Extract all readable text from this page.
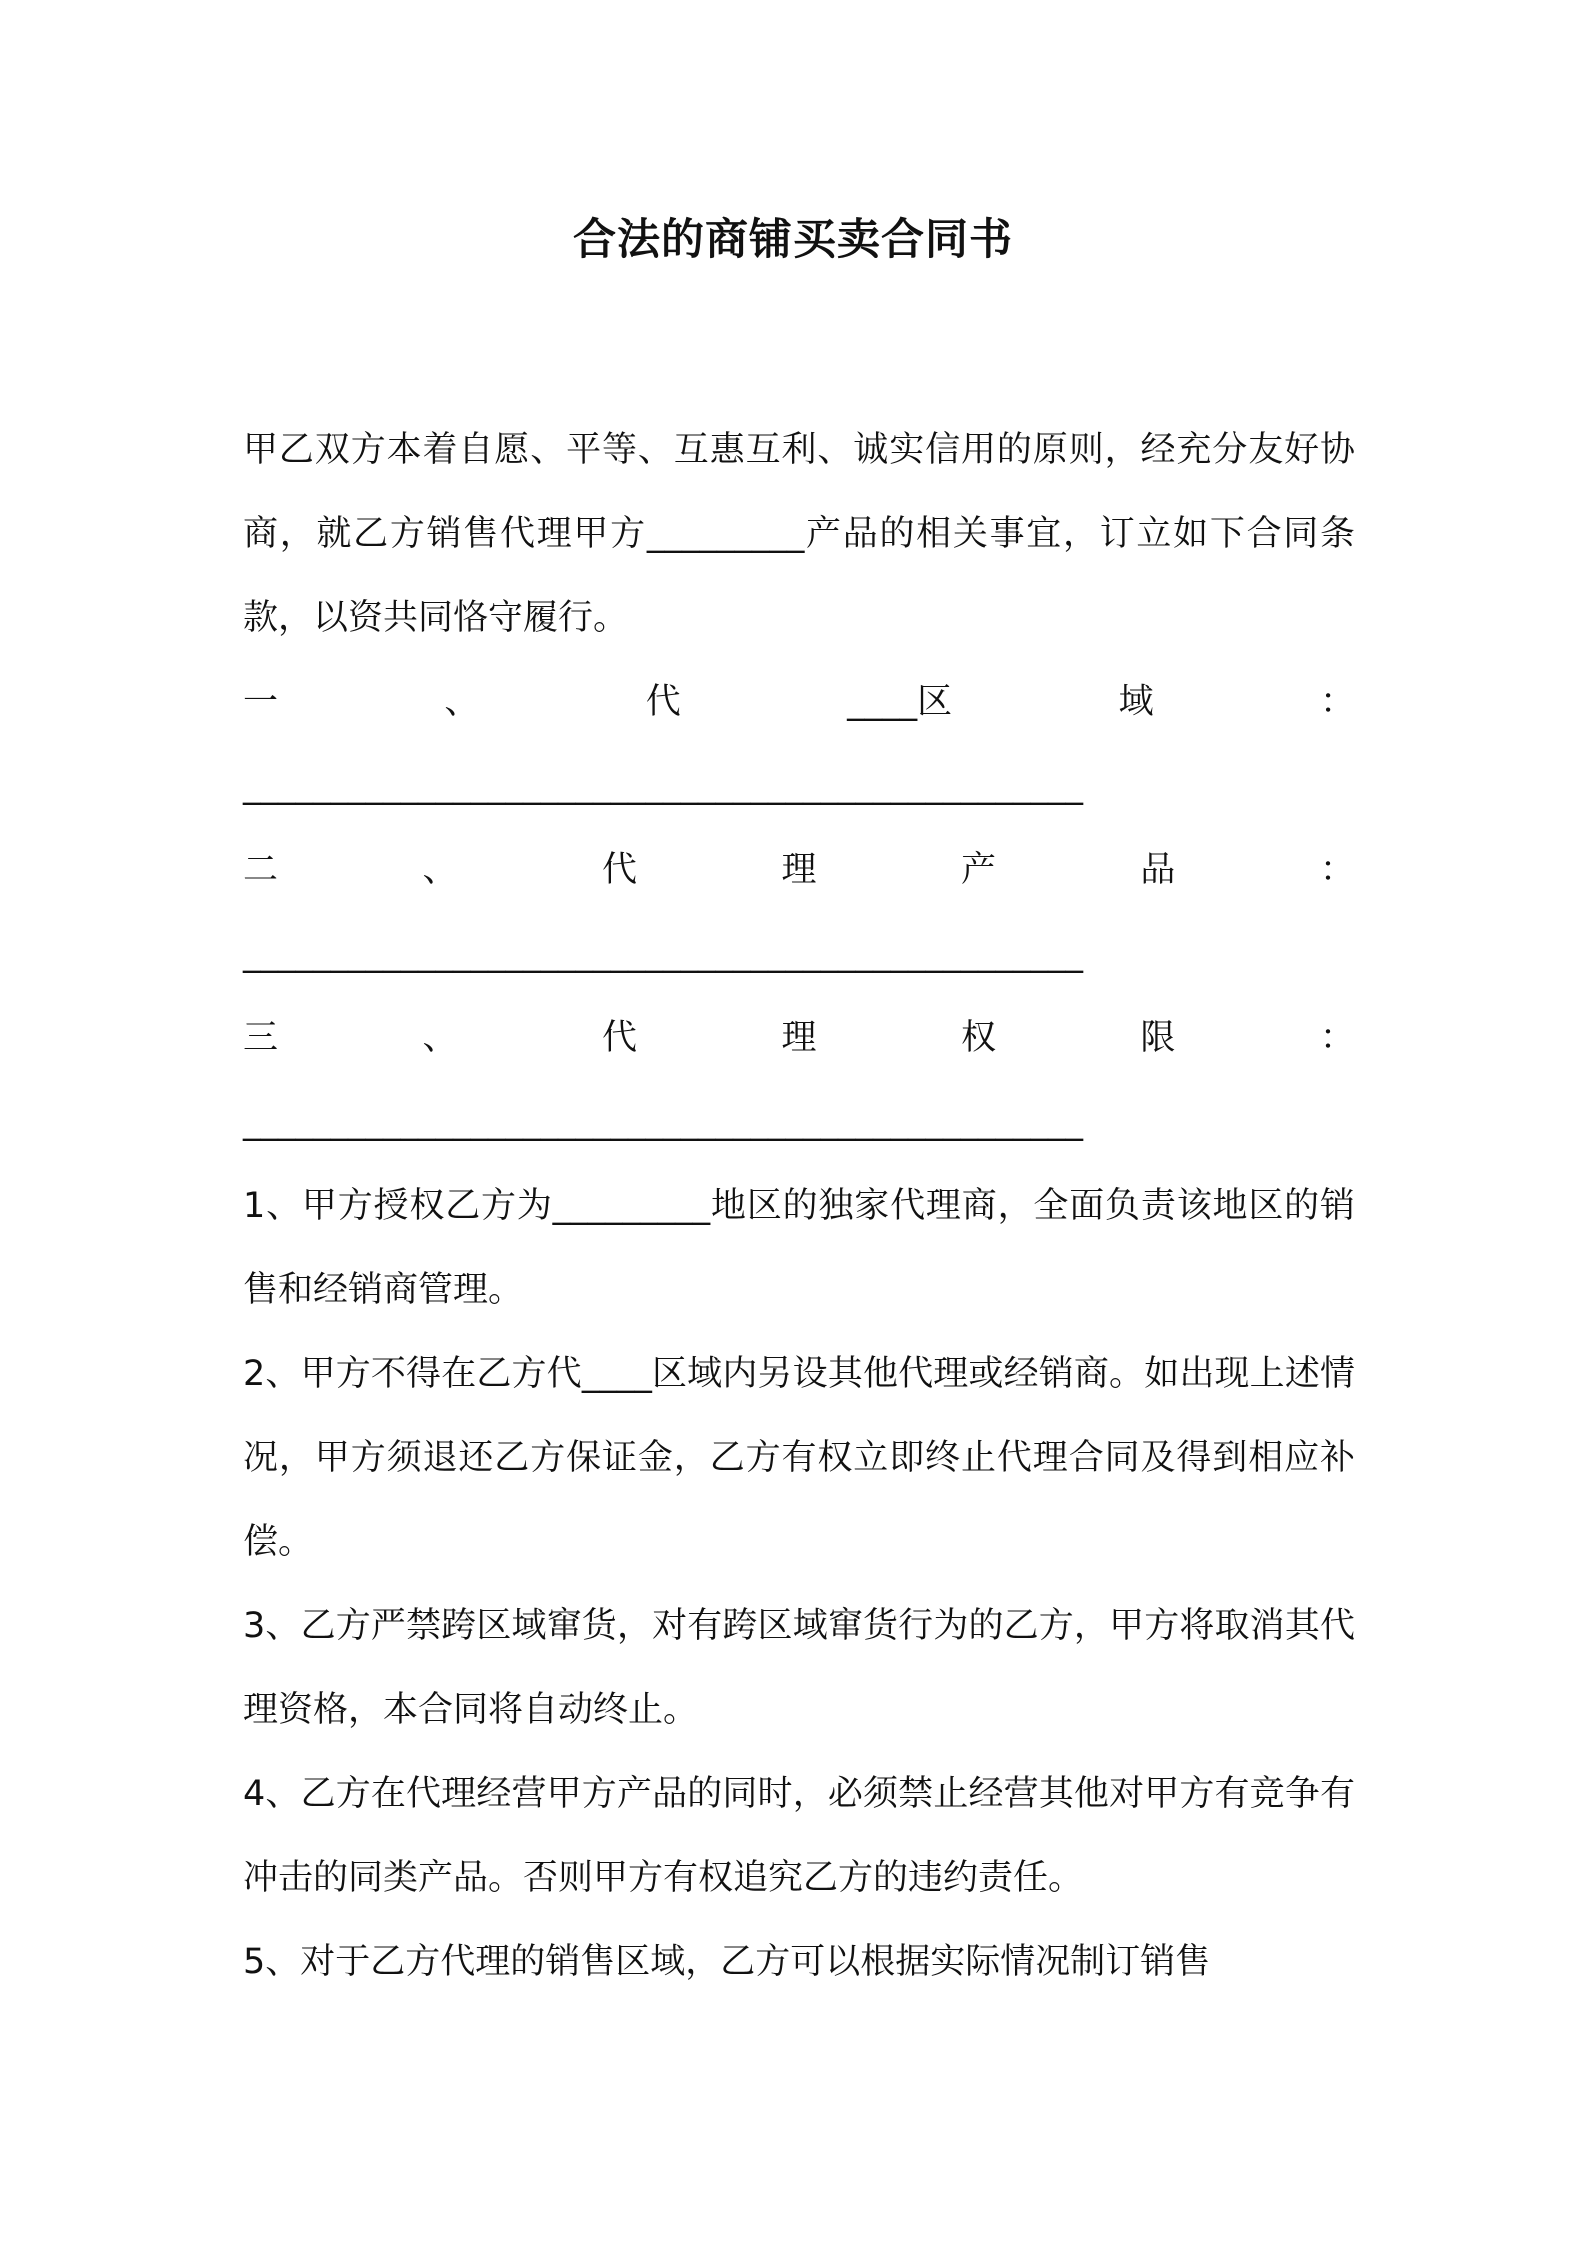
合法的商铺买卖合同书

甲乙双方本着自愿、平等、互惠互利、诚实信用的原则，经充分友好协商，就乙方销售代理甲方_________产品的相关事宜，订立如下合同条款，以资共同恪守履行。

一	、	代	____区	域	：
________________________________________________
二	、	代	理	产	品	：
________________________________________________
三	、	代	理	权	限	：
________________________________________________

1、甲方授权乙方为_________地区的独家代理商，全面负责该地区的销售和经销商管理。

2、甲方不得在乙方代____区域内另设其他代理或经销商。如出现上述情况，甲方须退还乙方保证金，乙方有权立即终止代理合同及得到相应补偿。

3、乙方严禁跨区域窜货，对有跨区域窜货行为的乙方，甲方将取消其代理资格，本合同将自动终止。

4、乙方在代理经营甲方产品的同时，必须禁止经营其他对甲方有竞争有冲击的同类产品。否则甲方有权追究乙方的违约责任。

5、对于乙方代理的销售区域，乙方可以根据实际情况制订销售
